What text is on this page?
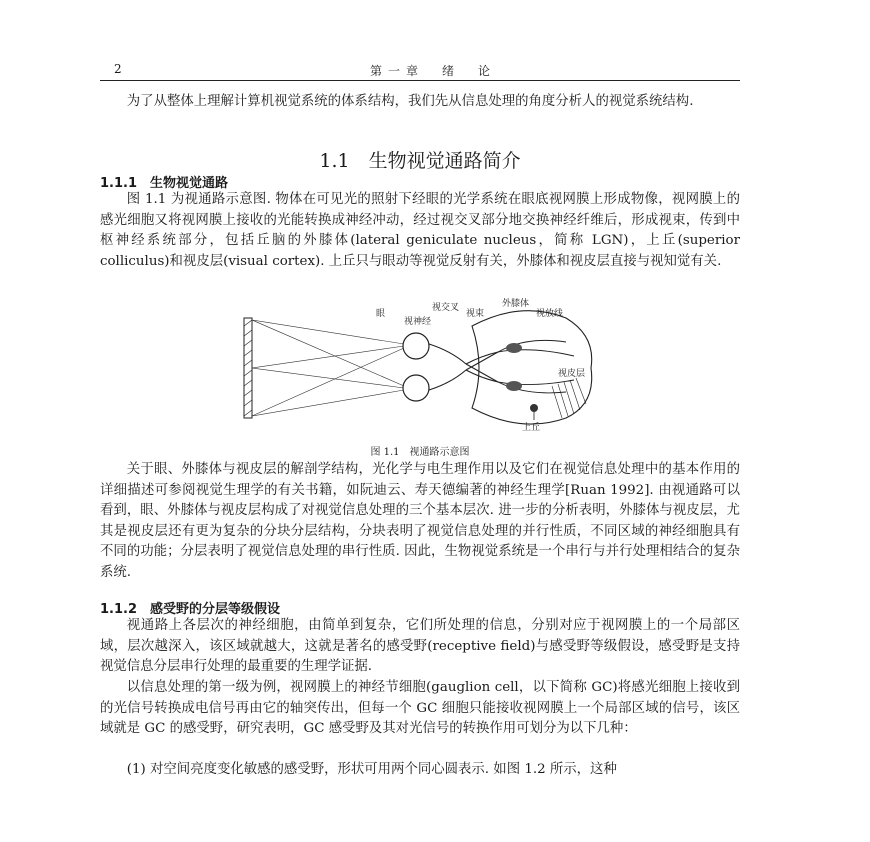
2	第一章　绪　论

为了从整体上理解计算机视觉系统的体系结构，我们先从信息处理的角度分析人的视觉系统结构.

1.1　生物视觉通路简介
1.1.1　生物视觉通路

图 1.1 为视通路示意图. 物体在可见光的照射下经眼的光学系统在眼底视网膜上形成物像，视网膜上的感光细胞又将视网膜上接收的光能转换成神经冲动，经过视交叉部分地交换神经纤维后，形成视束，传到中枢神经系统部分，包括丘脑的外膝体(lateral geniculate nucleus，简称 LGN)，上丘(superior colliculus)和视皮层(visual cortex). 上丘只与眼动等视觉反射有关，外膝体和视皮层直接与视知觉有关.

眼
视神经
视交叉
视束
外膝体
视放线
视皮层
上丘
图 1.1　视通路示意图

关于眼、外膝体与视皮层的解剖学结构，光化学与电生理作用以及它们在视觉信息处理中的基本作用的详细描述可参阅视觉生理学的有关书籍，如阮迪云、寿天德编著的神经生理学[Ruan 1992]. 由视通路可以看到，眼、外膝体与视皮层构成了对视觉信息处理的三个基本层次. 进一步的分析表明，外膝体与视皮层，尤其是视皮层还有更为复杂的分块分层结构，分块表明了视觉信息处理的并行性质，不同区域的神经细胞具有不同的功能；分层表明了视觉信息处理的串行性质. 因此，生物视觉系统是一个串行与并行处理相结合的复杂系统.

1.1.2　感受野的分层等级假设

视通路上各层次的神经细胞，由简单到复杂，它们所处理的信息，分别对应于视网膜上的一个局部区域，层次越深入，该区域就越大，这就是著名的感受野(receptive field)与感受野等级假设，感受野是支持视觉信息分层串行处理的最重要的生理学证据.

以信息处理的第一级为例，视网膜上的神经节细胞(gauglion cell，以下简称 GC)将感光细胞上接收到的光信号转换成电信号再由它的轴突传出，但每一个 GC 细胞只能接收视网膜上一个局部区域的信号，该区域就是 GC 的感受野，研究表明，GC 感受野及其对光信号的转换作用可划分为以下几种：

(1) 对空间亮度变化敏感的感受野，形状可用两个同心圆表示. 如图 1.2 所示，这种
